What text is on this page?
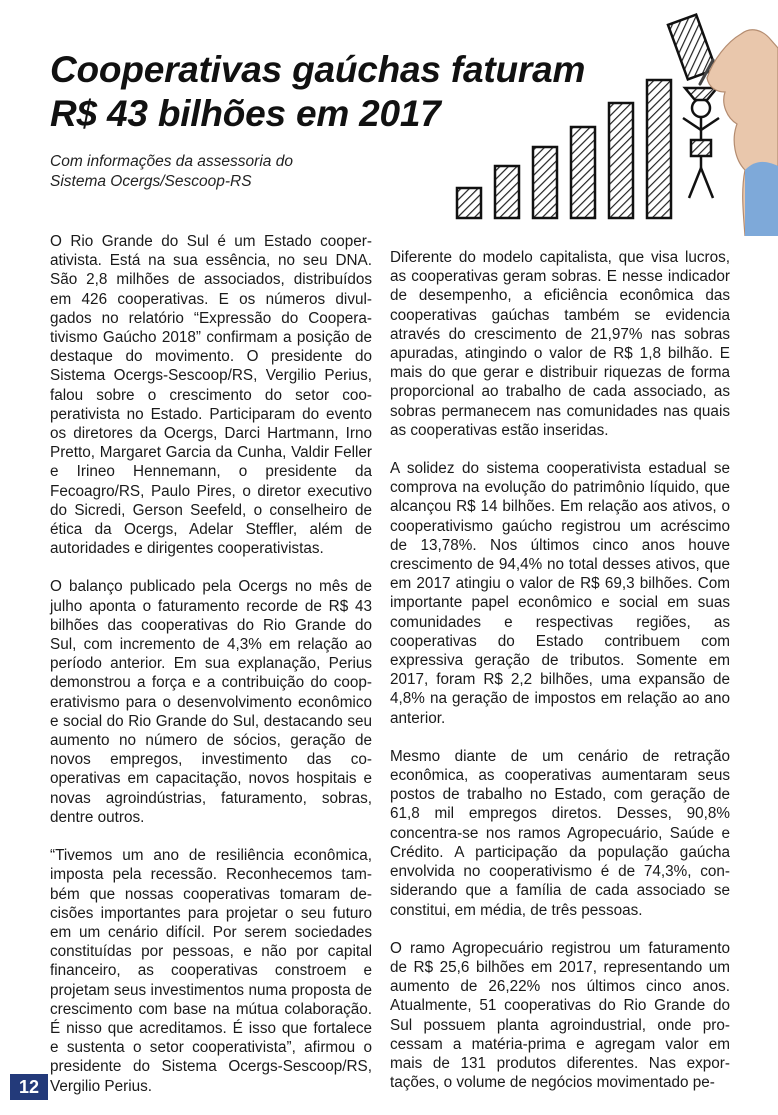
Cooperativas gaúchas faturam
R$ 43 bilhões em 2017

Com informações da assessoria do
Sistema Ocergs/Sescoop-RS

O Rio Grande do Sul é um Estado cooperativista. Está na sua essência, no seu DNA. São 2,8 milhões de associados, distribuídos em 426 cooperativas. E os números divulgados no relatório “Expressão do Cooperativismo Gaúcho 2018” confirmam a posição de destaque do movimento. O presidente do Sistema Ocergs-Sescoop/RS, Vergilio Perius, falou sobre o crescimento do setor cooperativista no Estado. Participaram do evento os diretores da Ocergs, Darci Hartmann, Irno Pretto, Margaret Garcia da Cunha, Valdir Feller e Irineo Hennemann, o presidente da Fecoagro/RS, Paulo Pires, o diretor executivo do Sicredi, Gerson Seefeld, o conselheiro de ética da Ocergs, Adelar Steffler, além de autoridades e dirigentes cooperativistas.

O balanço publicado pela Ocergs no mês de julho aponta o faturamento recorde de R$ 43 bilhões das cooperativas do Rio Grande do Sul, com incremento de 4,3% em relação ao período anterior. Em sua explanação, Perius demonstrou a força e a contribuição do cooperativismo para o desenvolvimento econômico e social do Rio Grande do Sul, destacando seu aumento no número de sócios, geração de novos empregos, investimento das cooperativas em capacitação, novos hospitais e novas agroindústrias, faturamento, sobras, dentre outros.

“Tivemos um ano de resiliência econômica, imposta pela recessão. Reconhecemos também que nossas cooperativas tomaram decisões importantes para projetar o seu futuro em um cenário difícil. Por serem sociedades constituídas por pessoas, e não por capital financeiro, as cooperativas constroem e projetam seus investimentos numa proposta de crescimento com base na mútua colaboração. É nisso que acreditamos. É isso que fortalece e sustenta o setor cooperativista”, afirmou o presidente do Sistema Ocergs-Sescoop/RS, Vergilio Perius.

Diferente do modelo capitalista, que visa lucros, as cooperativas geram sobras. E nesse indicador de desempenho, a eficiência econômica das cooperativas gaúchas também se evidencia através do crescimento de 21,97% nas sobras apuradas, atingindo o valor de R$ 1,8 bilhão. E mais do que gerar e distribuir riquezas de forma proporcional ao trabalho de cada associado, as sobras permanecem nas comunidades nas quais as cooperativas estão inseridas.

A solidez do sistema cooperativista estadual se comprova na evolução do patrimônio líquido, que alcançou R$ 14 bilhões. Em relação aos ativos, o cooperativismo gaúcho registrou um acréscimo de 13,78%. Nos últimos cinco anos houve crescimento de 94,4% no total desses ativos, que em 2017 atingiu o valor de R$ 69,3 bilhões. Com importante papel econômico e social em suas comunidades e respectivas regiões, as cooperativas do Estado contribuem com expressiva geração de tributos. Somente em 2017, foram R$ 2,2 bilhões, uma expansão de 4,8% na geração de impostos em relação ao ano anterior.

Mesmo diante de um cenário de retração econômica, as cooperativas aumentaram seus postos de trabalho no Estado, com geração de 61,8 mil empregos diretos. Desses, 90,8% concentra-se nos ramos Agropecuário, Saúde e Crédito. A participação da população gaúcha envolvida no cooperativismo é de 74,3%, considerando que a família de cada associado se constitui, em média, de três pessoas.

O ramo Agropecuário registrou um faturamento de R$ 25,6 bilhões em 2017, representando um aumento de 26,22% nos últimos cinco anos. Atualmente, 51 cooperativas do Rio Grande do Sul possuem planta agroindustrial, onde processam a matéria-prima e agregam valor em mais de 131 produtos diferentes. Nas exportações, o volume de negócios movimentado pe-

12
